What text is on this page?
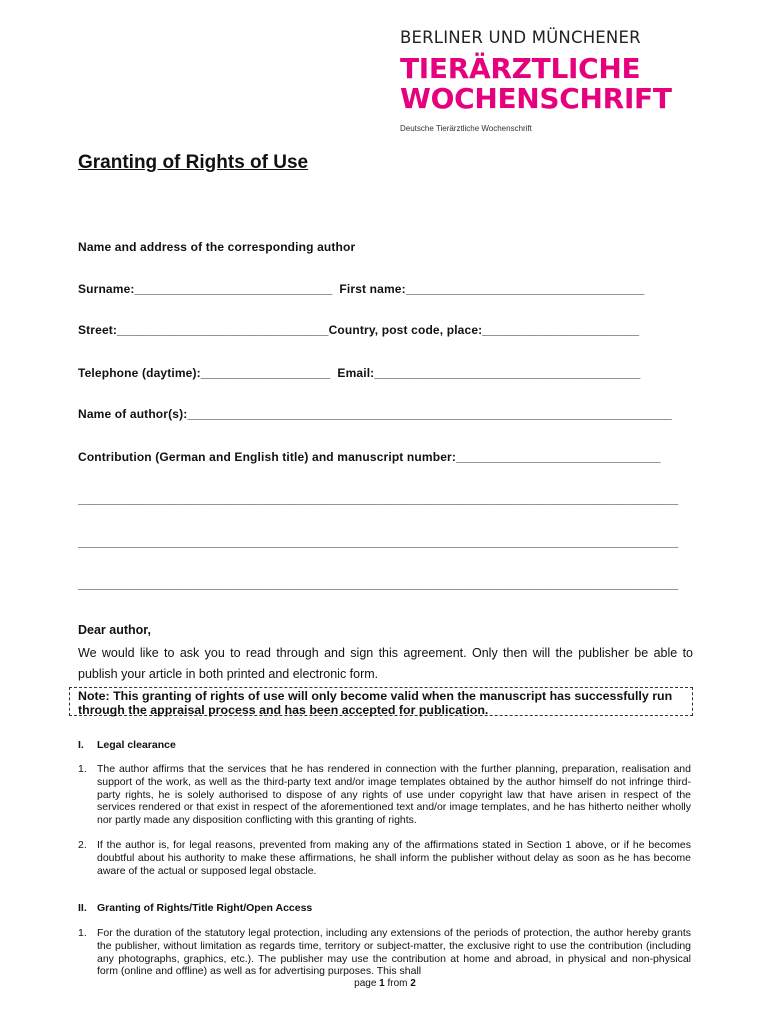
BERLINER UND MÜNCHENER
TIERÄRZTLICHE
WOCHENSCHRIFT
Deutsche Tierärztliche Wochenschrift
Granting of Rights of Use
Name and address of the corresponding author
Surname:_____________________________  First name:___________________________________
Street:_______________________________Country, post code, place:_______________________
Telephone (daytime):___________________  Email:_______________________________________
Name of author(s):_______________________________________________________________________
Contribution (German and English title) and manuscript number:______________________________
________________________________________________________________________________________
________________________________________________________________________________________
________________________________________________________________________________________
Dear author,
We would like to ask you to read through and sign this agreement. Only then will the publisher be able to publish your article in both printed and electronic form.
Note: This granting of rights of use will only become valid when the manuscript has successfully run through the appraisal process and has been accepted for publication.
I. Legal clearance
1. The author affirms that the services that he has rendered in connection with the further planning, preparation, realisation and support of the work, as well as the third-party text and/or image templates obtained by the author himself do not infringe third-party rights, he is solely authorised to dispose of any rights of use under copyright law that have arisen in respect of the services rendered or that exist in respect of the aforementioned text and/or image templates, and he has hitherto neither wholly nor partly made any disposition conflicting with this granting of rights.
2. If the author is, for legal reasons, prevented from making any of the affirmations stated in Section 1 above, or if he becomes doubtful about his authority to make these affirmations, he shall inform the publisher without delay as soon as he has become aware of the actual or supposed legal obstacle.
II. Granting of Rights/Title Right/Open Access
1. For the duration of the statutory legal protection, including any extensions of the periods of protection, the author hereby grants the publisher, without limitation as regards time, territory or subject-matter, the exclusive right to use the contribution (including any photographs, graphics, etc.). The publisher may use the contribution at home and abroad, in physical and non-physical form (online and offline) as well as for advertising purposes. This shall
page 1 from 2
